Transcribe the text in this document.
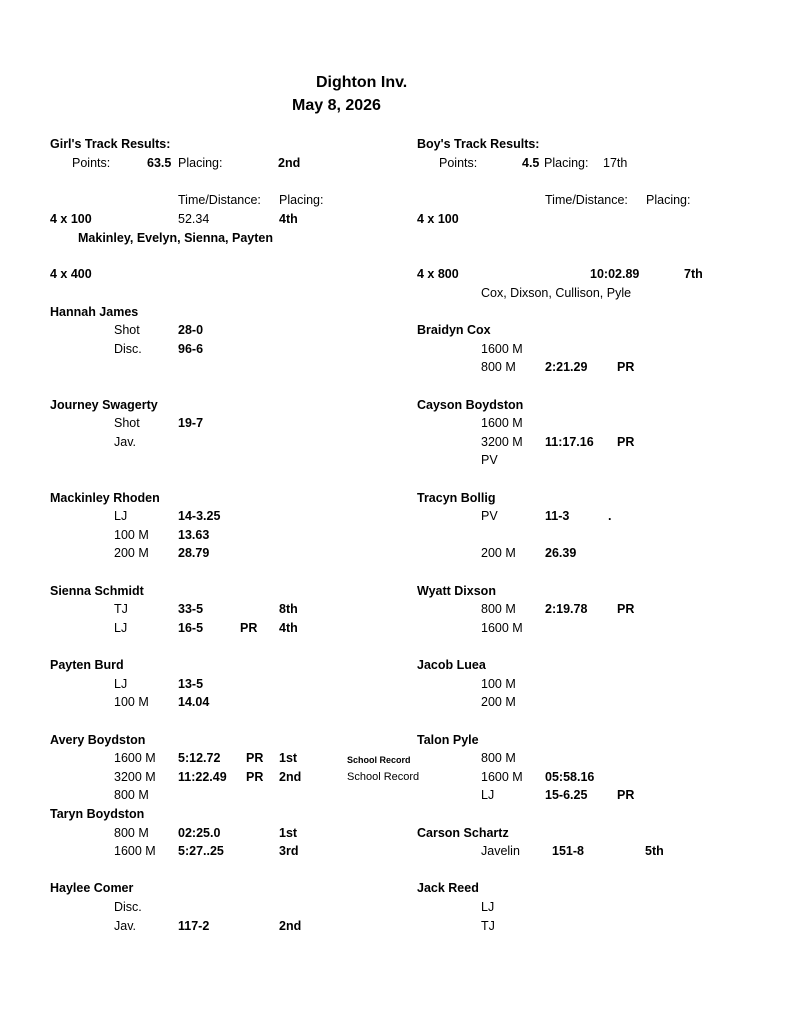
Dighton Inv.
May 8, 2026
Girl's Track Results:
Points:	63.5 Placing:	2nd
Time/Distance: Placing:
4 x 100	52.34	4th
Makinley, Evelyn, Sienna, Payten
4 x 400
Hannah James
Shot	28-0
Disc.	96-6
Journey Swagerty
Shot	19-7
Jav.
Mackinley Rhoden
LJ	14-3.25
100 M 13.63
200 M 28.79
Sienna Schmidt
TJ	33-5	8th
LJ	16-5	PR 4th
Payten Burd
LJ	13-5
100 M 14.04
Avery Boydston
1600 M 5:12.72 PR 1st	School Record
3200 M 11:22.49 PR 2nd	School Record
800 M
Taryn Boydston
800 M 02:25.0	1st
1600 M 5:27..25	3rd
Haylee Comer
Disc.
Jav.	117-2	2nd
Boy's Track Results:
Points:	4.5 Placing: 17th
Time/Distance: Placing:
4 x 100
4 x 800	10:02.89	7th
Cox, Dixson, Cullison, Pyle
Braidyn Cox
1600 M
800 M 2:21.29 PR
Cayson Boydston
1600 M
3200 M 11:17.16 PR
PV
Tracyn Bollig
PV	11-3	.
200 M 26.39
Wyatt Dixson
800 M 2:19.78 PR
1600 M
Jacob Luea
100 M
200 M
Talon Pyle
800 M
1600 M 05:58.16
LJ	15-6.25 PR
Carson Schartz
Javelin	151-8	5th
Jack Reed
LJ
TJ
